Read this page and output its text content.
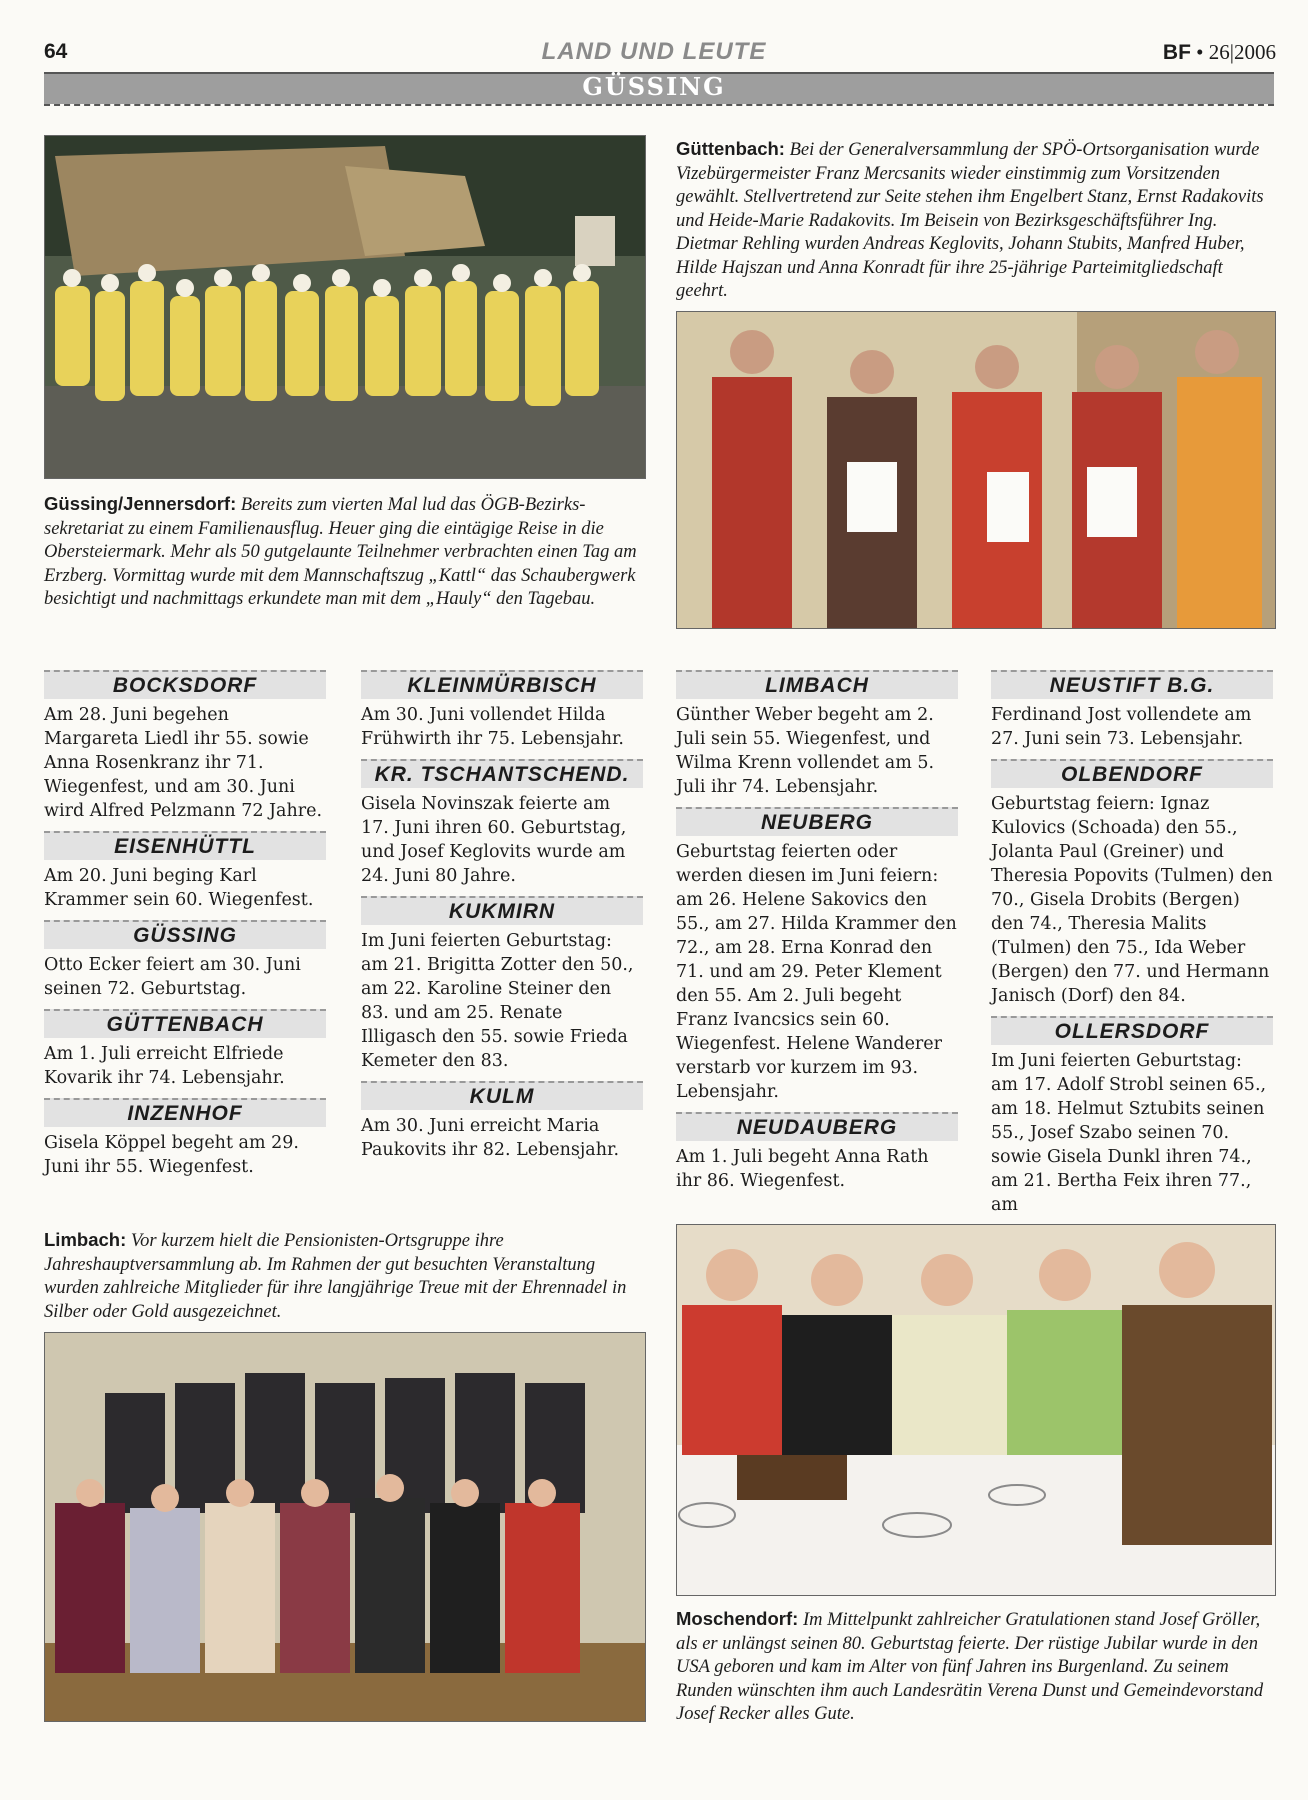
64	LAND UND LEUTE	BF • 26|2006
GÜSSING
Güssing/Jennersdorf: Bereits zum vierten Mal lud das ÖGB-Bezirks-sekretariat zu einem Familienausflug. Heuer ging die eintägige Reise in die Obersteiermark. Mehr als 50 gutgelaunte Teilnehmer verbrachten einen Tag am Erzberg. Vormittag wurde mit dem Mannschaftszug „Kattl“ das Schaubergwerk besichtigt und nachmittags erkundete man mit dem „Hauly“ den Tagebau.
Güttenbach: Bei der Generalversammlung der SPÖ-Ortsorganisation wurde Vizebürgermeister Franz Mercsanits wieder einstimmig zum Vorsitzenden gewählt. Stellvertretend zur Seite stehen ihm Engelbert Stanz, Ernst Radakovits und Heide-Marie Radakovits. Im Beisein von Bezirksgeschäftsführer Ing. Dietmar Rehling wurden Andreas Keglovits, Johann Stubits, Manfred Huber, Hilde Hajszan und Anna Konradt für ihre 25-jährige Parteimitgliedschaft geehrt.
BOCKSDORF

Am 28. Juni begehen Margareta Liedl ihr 55. sowie Anna Rosenkranz ihr 71. Wiegenfest, und am 30. Juni wird Alfred Pelzmann 72 Jahre.

EISENHÜTTL

Am 20. Juni beging Karl Krammer sein 60. Wiegenfest.

GÜSSING

Otto Ecker feiert am 30. Juni seinen 72. Geburtstag.

GÜTTENBACH

Am 1. Juli erreicht Elfriede Kovarik ihr 74. Lebensjahr.

INZENHOF

Gisela Köppel begeht am 29. Juni ihr 55. Wiegenfest.

KLEINMÜRBISCH

Am 30. Juni vollendet Hilda Frühwirth ihr 75. Lebensjahr.

KR. TSCHANTSCHEND.

Gisela Novinszak feierte am 17. Juni ihren 60. Geburtstag, und Josef Keglovits wurde am 24. Juni 80 Jahre.

KUKMIRN

Im Juni feierten Geburtstag: am 21. Brigitta Zotter den 50., am 22. Karoline Steiner den 83. und am 25. Renate Illigasch den 55. sowie Frieda Kemeter den 83.

KULM

Am 30. Juni erreicht Maria Paukovits ihr 82. Lebensjahr.

LIMBACH

Günther Weber begeht am 2. Juli sein 55. Wiegenfest, und Wilma Krenn vollendet am 5. Juli ihr 74. Lebensjahr.

NEUBERG

Geburtstag feierten oder werden diesen im Juni feiern: am 26. Helene Sakovics den 55., am 27. Hilda Krammer den 72., am 28. Erna Konrad den 71. und am 29. Peter Klement den 55. Am 2. Juli begeht Franz Ivancsics sein 60. Wiegenfest. Helene Wanderer verstarb vor kurzem im 93. Lebensjahr.

NEUDAUBERG

Am 1. Juli begeht Anna Rath ihr 86. Wiegenfest.

NEUSTIFT B.G.

Ferdinand Jost vollendete am 27. Juni sein 73. Lebensjahr.

OLBENDORF

Geburtstag feiern: Ignaz Kulovics (Schoada) den 55., Jolanta Paul (Greiner) und Theresia Popovits (Tulmen) den 70., Gisela Drobits (Bergen) den 74., Theresia Malits (Tulmen) den 75., Ida Weber (Bergen) den 77. und Hermann Janisch (Dorf) den 84.

OLLERSDORF

Im Juni feierten Geburtstag: am 17. Adolf Strobl seinen 65., am 18. Helmut Sztubits seinen 55., Josef Szabo seinen 70. sowie Gisela Dunkl ihren 74., am 21. Bertha Feix ihren 77., am

Limbach: Vor kurzem hielt die Pensionisten-Ortsgruppe ihre Jahreshauptversammlung ab. Im Rahmen der gut besuchten Veranstaltung wurden zahlreiche Mitglieder für ihre langjährige Treue mit der Ehrennadel in Silber oder Gold ausgezeichnet.
Moschendorf: Im Mittelpunkt zahlreicher Gratulationen stand Josef Gröller, als er unlängst seinen 80. Geburtstag feierte. Der rüstige Jubilar wurde in den USA geboren und kam im Alter von fünf Jahren ins Burgenland. Zu seinem Runden wünschten ihm auch Landesrätin Verena Dunst und Gemeindevorstand Josef Recker alles Gute.
